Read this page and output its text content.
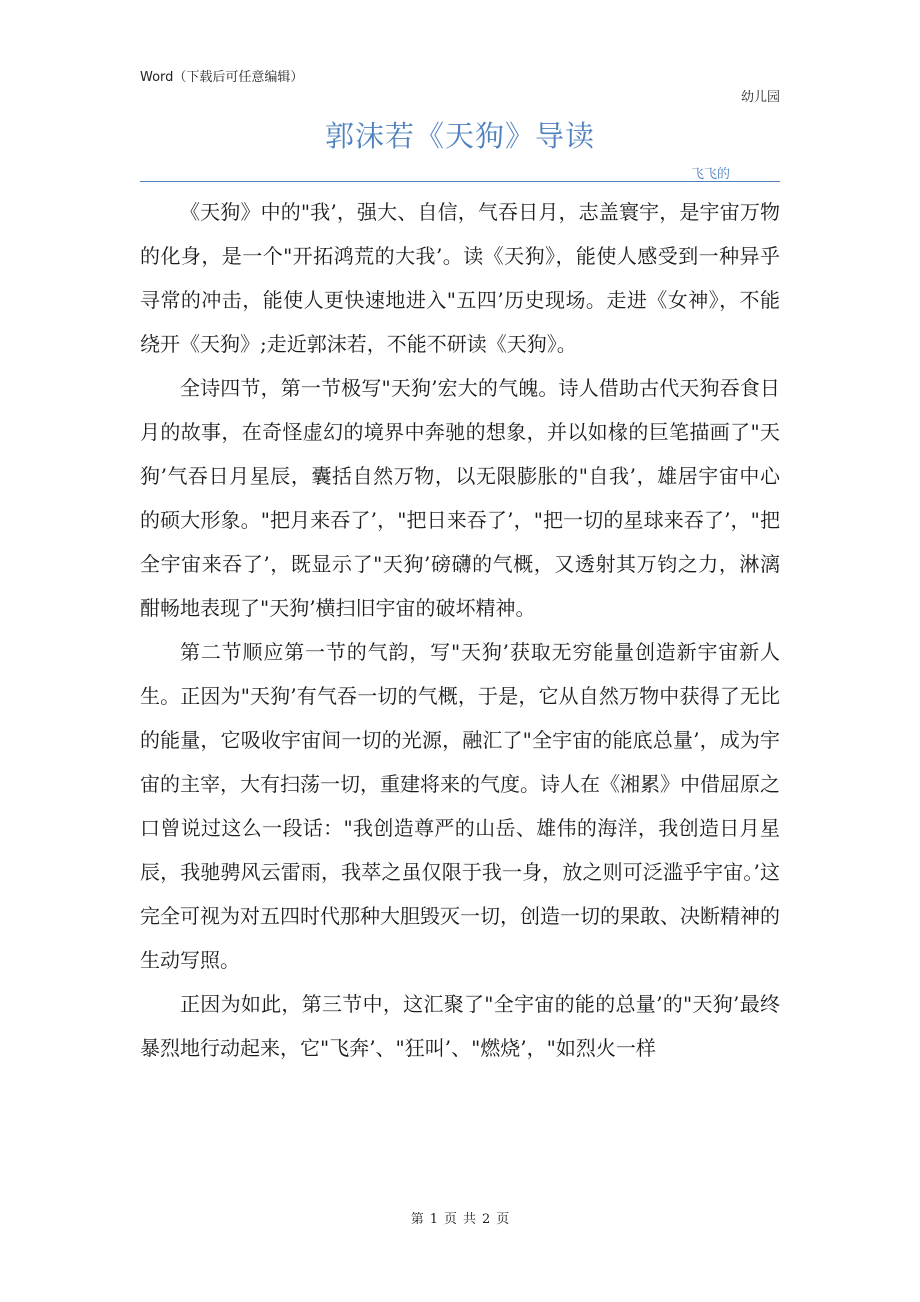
Word（下载后可任意编辑）
幼儿园
郭沫若《天狗》导读
飞飞的

《天狗》中的"我’，强大、自信，气吞日月，志盖寰宇，是宇宙万物的化身，是一个"开拓鸿荒的大我’。读《天狗》，能使人感受到一种异乎寻常的冲击，能使人更快速地进入"五四’历史现场。走进《女神》，不能绕开《天狗》;走近郭沫若，不能不研读《天狗》。

全诗四节，第一节极写"天狗’宏大的气魄。诗人借助古代天狗吞食日月的故事，在奇怪虚幻的境界中奔驰的想象，并以如椽的巨笔描画了"天狗’气吞日月星辰，囊括自然万物，以无限膨胀的"自我’，雄居宇宙中心的硕大形象。"把月来吞了’，"把日来吞了’，"把一切的星球来吞了’，"把全宇宙来吞了’，既显示了"天狗’磅礴的气概，又透射其万钧之力，淋漓酣畅地表现了"天狗’横扫旧宇宙的破坏精神。

第二节顺应第一节的气韵，写"天狗’获取无穷能量创造新宇宙新人生。正因为"天狗’有气吞一切的气概，于是，它从自然万物中获得了无比的能量，它吸收宇宙间一切的光源，融汇了"全宇宙的能底总量’，成为宇宙的主宰，大有扫荡一切，重建将来的气度。诗人在《湘累》中借屈原之口曾说过这么一段话："我创造尊严的山岳、雄伟的海洋，我创造日月星辰，我驰骋风云雷雨，我萃之虽仅限于我一身，放之则可泛滥乎宇宙。’这完全可视为对五四时代那种大胆毁灭一切，创造一切的果敢、决断精神的生动写照。

正因为如此，第三节中，这汇聚了"全宇宙的能的总量’的"天狗’最终暴烈地行动起来，它"飞奔’、"狂叫’、"燃烧’，"如烈火一样

第 1 页 共 2 页
